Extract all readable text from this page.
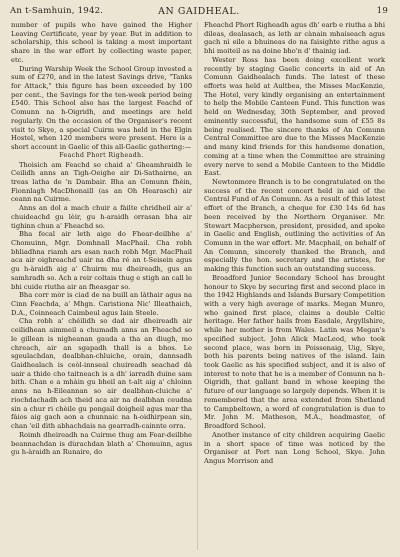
An t-Samhuin, 1942.	AN GAIDHEAL.	19

number of pupils who have gained the Higher Leaving Certificate, year by year. But in addition to scholarship, this school is taking a most important share in the war effort by collecting waste paper, etc.

During Warship Week the School Group invested a sum of £270, and in the latest Savings drive, "Tanks for Attack," this figure has been exceeded by 100 per cent., the Savings for the ten-week period being £540. This School also has the largest Feachd of Comunn na h-Oigridh, and meetings are held regularly. On the occasion of the Organiser's recent visit to Skye, a special Cuirm was held in the Elgin Hostel, when 120 members were present. Here is a short account in Gaelic of this all-Gaelic gathering:—

Feachd Phort Righeadh.

Thoisich am Feachd so chaid a' Gheamhraidh le Ceilidh anns an Tigh-Oeighe air Di-Sathairne, an treas latha de 'n Dambair. Bha an Comunn fhèin, Fionnlagh MacDhonaill (as an Oh Hearasch) air ceann na Cuirme.

Anns an dol a mach chuir a fàilte chridheil air a' chuideachd gu lèir, gu h-araidh orrasan bha air tighinn chun a' Fheachd so.

Bha fecal air leth aige do Fhear-deilbhe a' Chomuinn, Mgr. Domhnall MacPhail. Cha robh bhliadhna riamh ars esan nach robh Mgr. MacPhail aca air oighreachd uair na dha ré an t-Seisein agus gu h-àraidh aig a' Chuirm mu dheireadh, gus an samhradh so. Ach a reir coltais thug e stigh an call le bhi cuide riutha air an fheasgar so.

Bha corr mòr is ciad de na buill an làthair agus na Cinn Feachda, a' Mhgn. Caristiona Nic' Illeathaich, D.A., Coinneach Caimbeul agus Iain Steele.

Cha robh a' chéilidh so dad air dheireadh air ceilidhean aimmeil a chumadh anns an Fheachd so le gillean is nigheanan gauda a tha an diugh, mo chreach, air an sgapadh thall is a bhos. Le sgeulachdan, dealbhan-chluiche, orain, dannsadh Gaidhealach is ceòl-innseal chuireadh seachad dà uair a thide cho taitneach is a dh' iarradh duine sam bith. Chan e a mhàin gu bheil an t-alt aig a' chloinn anns na h-Eileannan so air dealbhan-cluiche a' riochdachadh ach theid aca air na dealbhan ceudna sin a chur ri chèile gu pongail doigheil agus mar tha fàios aig gach aon a chunnaic na h-oidhirpean sin, chan 'eil dìth abhachdais na gearradh-cainnte orra.

Roimh dheireadh na Cuirme thug am Fear-deilbhe beannachdan is dùrachdan blath a' Chomuinn, agus gu h-àraidh an Runaire, do

Fheachd Phort Righeadh agus dh' earb e riutha a bhi dileas, dealasach, as leth ar cànain mhaiseach agus gach nì eile a bhuineas do na faisighte rithe agus a bhi moiteil as na doine bho'n d' thainig iad.

Wester Ross has been doing excellent work recently by staging Gaelic concerts in aid of An Comunn Gaidhealach funds. The latest of these efforts was held at Aultbea, the Misses MacKenzie, The Hotel, very kindly organising an entertainment to help the Mobile Canteen Fund. This function was held on Wednesday, 30th September, and proved eminently successful, the handsome sum of £55 8s being realised. The sincere thanks of An Comunn Central Committee are due to the Misses MacKenzie and many kind friends for this handsome donation, coming at a time when the Committee are straining every nerve to send a Mobile Canteen to the Middle East.

Newtonmore Branch is to be congratulated on the success of the recent concert held in aid of the Central Fund of An Comunn. As a result of this latest effort of the Branch, a cheque for £30 14s 6d has been received by the Northern Organiser. Mr. Stewart Macpherson, president, presided, and spoke in Gaelic and English, outlining the activities of An Comunn in the war effort. Mr. Macphail, on behalf of An Comunn, sincerely thanked the Branch, and especially the hon. secretary and the artistes, for making this function such an outstanding success.

Broadford Junior Secondary School has brought honour to Skye by securing first and second place in the 1942 Highlands and Islands Bursary Competition with a very high average of marks. Megan Munro, who gained first place, claims a double Celtic heritage. Her father hails from Easdale, Argyllshire, while her mother is from Wales. Latin was Megan's specified subject. John Alick MacLeod, who took second place, was born in Poissenaig, Uig, Skye, both his parents being natives of the island. Iain took Gaelic as his specified subject, and it is also of interest to note that he is a member of Comunn na h-Oigridh, that gallant band in whose keeping the future of our language so largely depends. When it is remembered that the area extended from Shetland to Campbeltown, a word of congratulation is due to Mr. John M. Matheson, M.A., headmaster, of Broadford School.

Another instance of city children acquiring Gaelic in a short space of time was noticed by the Organiser at Port nan Long School, Skye. John Angus Morrison and
